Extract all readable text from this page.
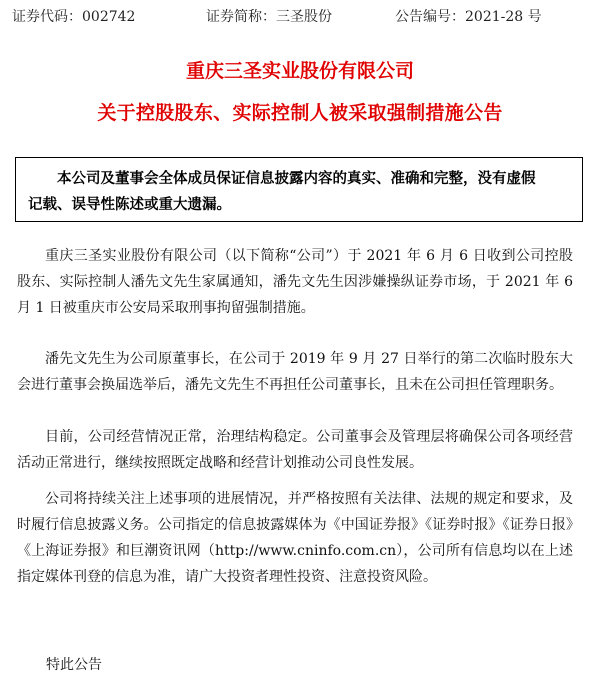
证券代码：002742	证券简称：三圣股份	公告编号：2021-28 号
重庆三圣实业股份有限公司
关于控股股东、实际控制人被采取强制措施公告

本公司及董事会全体成员保证信息披露内容的真实、准确和完整，没有虚假记载、误导性陈述或重大遗漏。

重庆三圣实业股份有限公司（以下简称“公司”）于 2021 年 6 月 6 日收到公司控股股东、实际控制人潘先文先生家属通知，潘先文先生因涉嫌操纵证券市场，于 2021 年 6 月 1 日被重庆市公安局采取刑事拘留强制措施。

潘先文先生为公司原董事长，在公司于 2019 年 9 月 27 日举行的第二次临时股东大会进行董事会换届选举后，潘先文先生不再担任公司董事长，且未在公司担任管理职务。

目前，公司经营情况正常，治理结构稳定。公司董事会及管理层将确保公司各项经营活动正常进行，继续按照既定战略和经营计划推动公司良性发展。

公司将持续关注上述事项的进展情况，并严格按照有关法律、法规的规定和要求，及时履行信息披露义务。公司指定的信息披露媒体为《中国证券报》《证券时报》《证券日报》《上海证券报》和巨潮资讯网（http://www.cninfo.com.cn），公司所有信息均以在上述指定媒体刊登的信息为准，请广大投资者理性投资、注意投资风险。

特此公告
